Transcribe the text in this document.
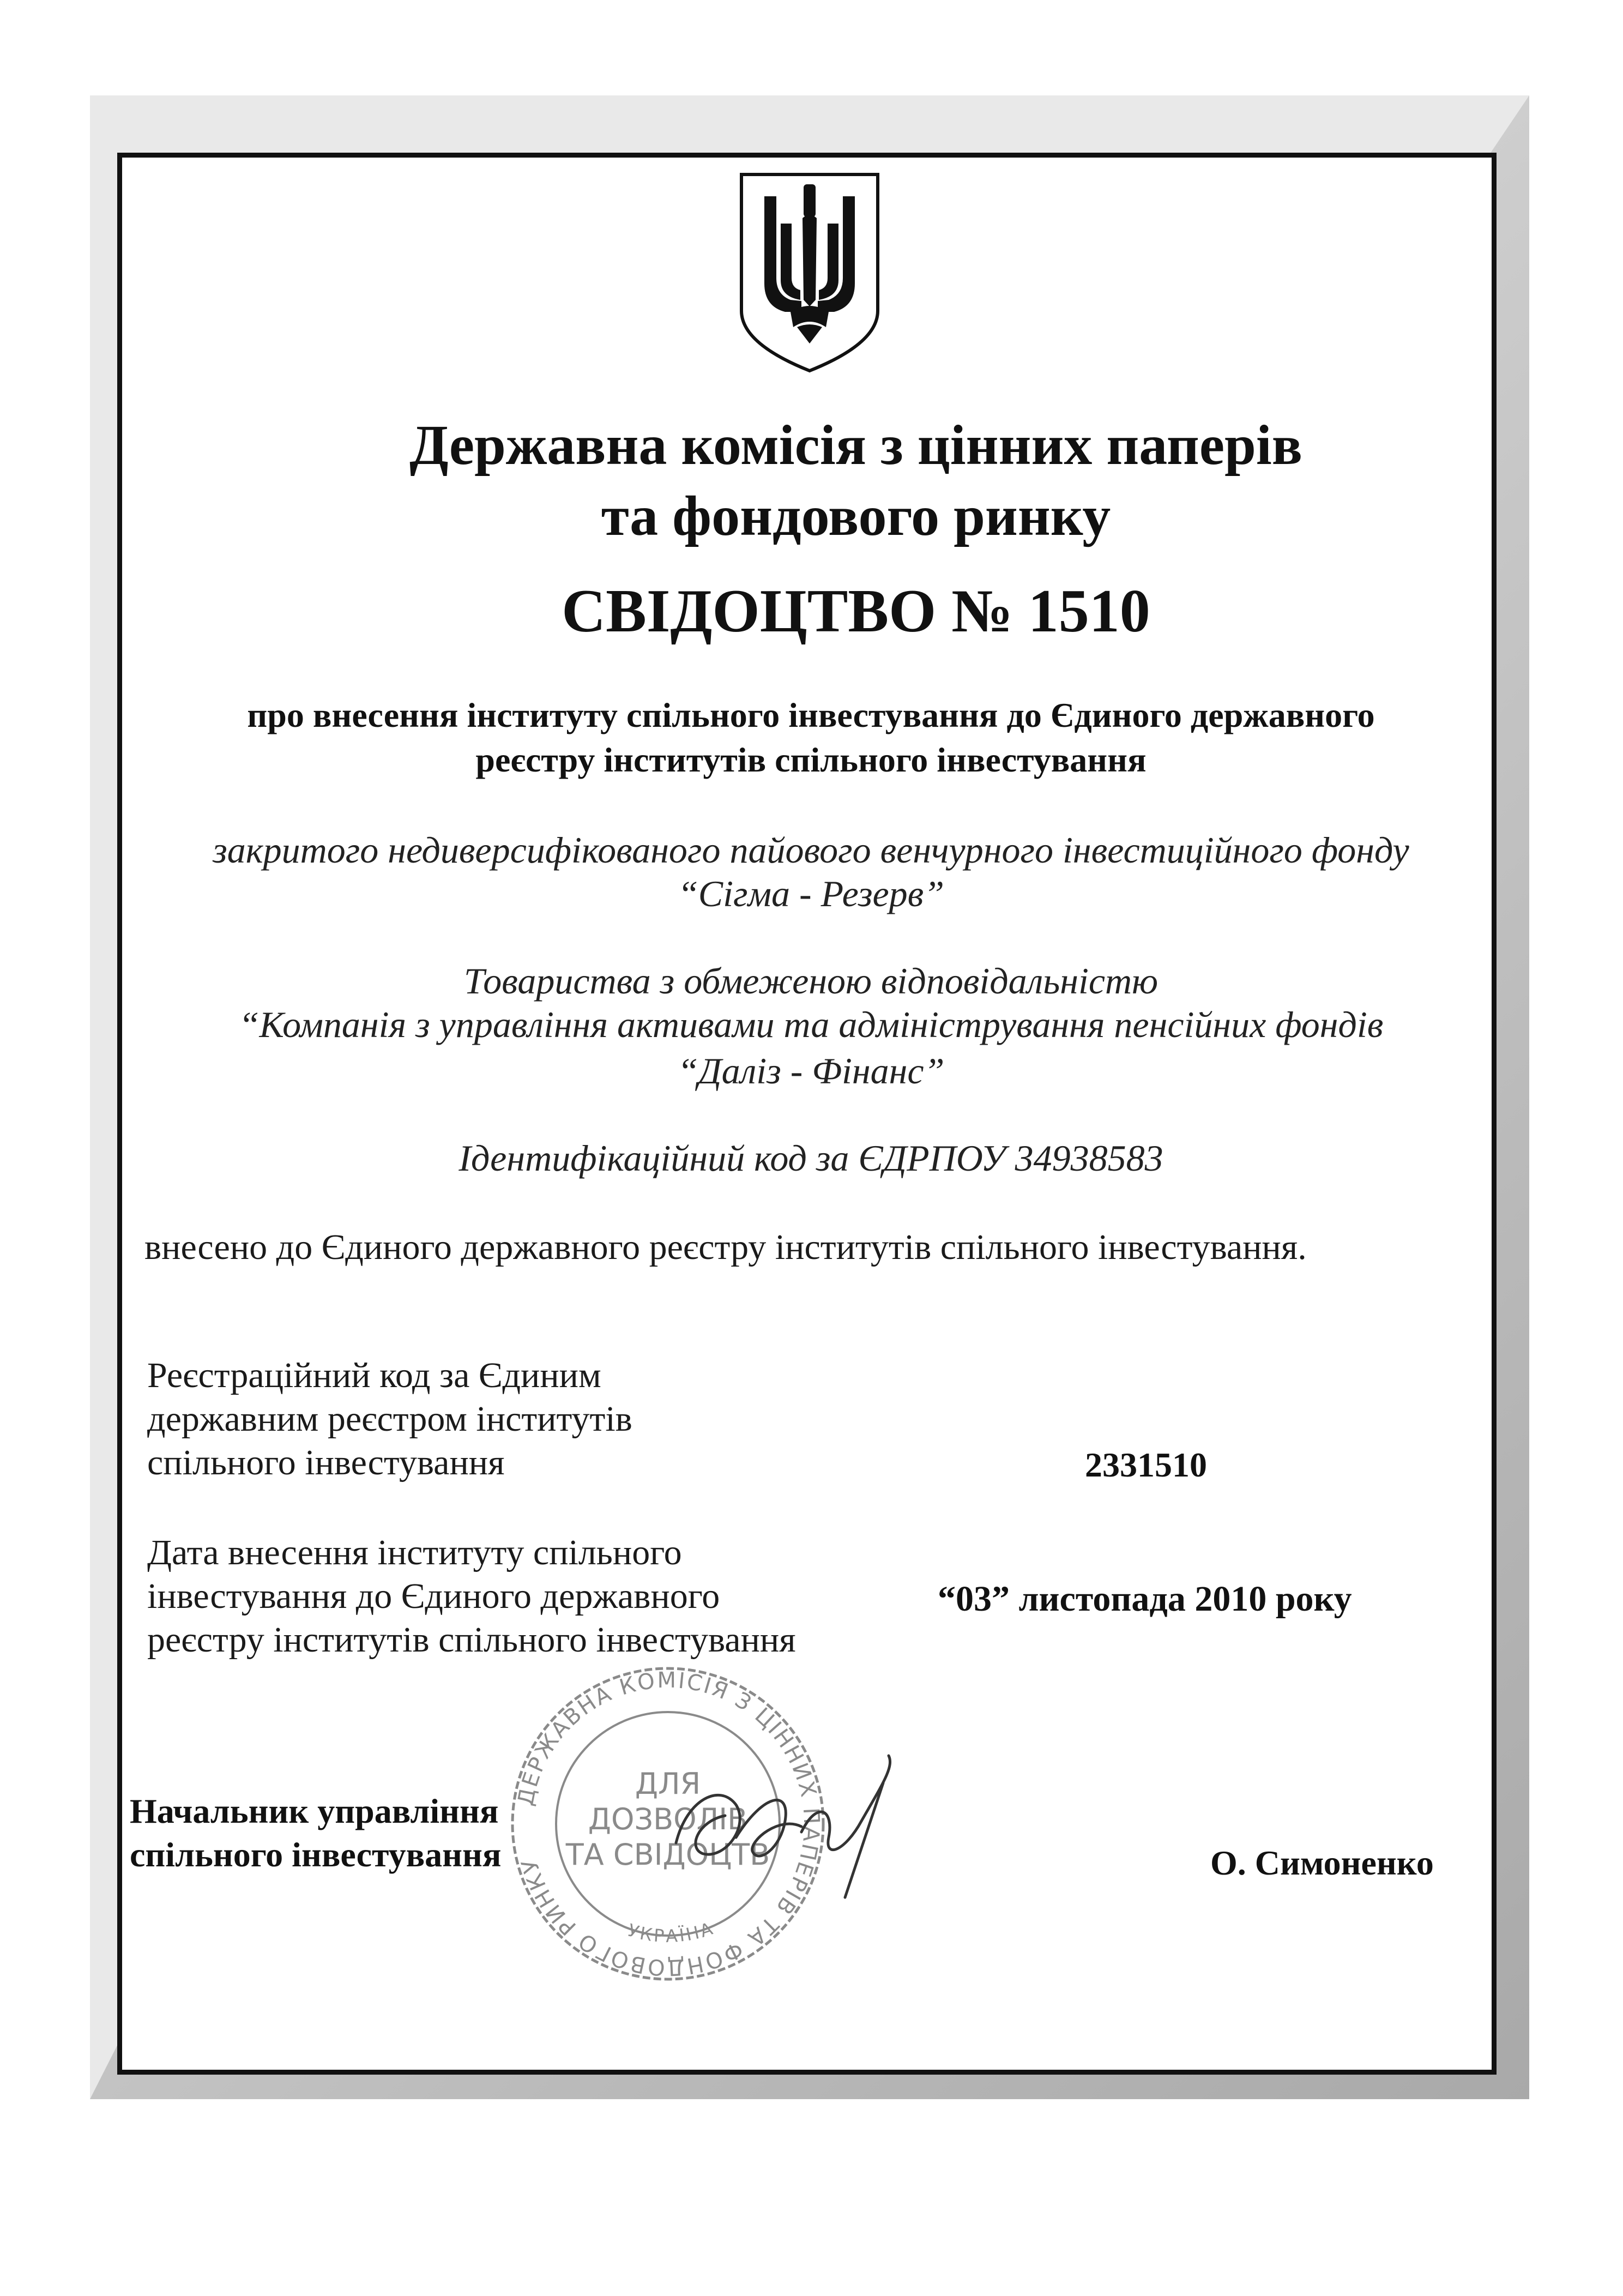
Державна комісія з цінних паперів
та фондового ринку
СВІДОЦТВО № 1510
про внесення інституту спільного інвестування до Єдиного державного
реєстру інститутів спільного інвестування
закритого недиверсифікованого пайового венчурного інвестиційного фонду
“Сігма - Резерв”
Товариства з обмеженою відповідальністю
“Компанія з управління активами та адміністрування пенсійних фондів
“Даліз - Фінанс”
Ідентифікаційний код за ЄДРПОУ 34938583
внесено до Єдиного державного реєстру інститутів спільного інвестування.
Реєстраційний код за Єдиним
державним реєстром інститутів
спільного інвестування	2331510
Дата внесення інституту спільного
інвестування до Єдиного державного
реєстру інститутів спільного інвестування
“03” листопада 2010 року
ДЕРЖАВНА КОМІСІЯ З ЦІННИХ ПАПЕРІВ ТА ФОНДОВОГО РИНКУ
УКРАЇНА
ДЛЯ
ДОЗВОЛІВ
ТА СВІДОЦТВ
Начальник управління
спільного інвестування	О. Симоненко
